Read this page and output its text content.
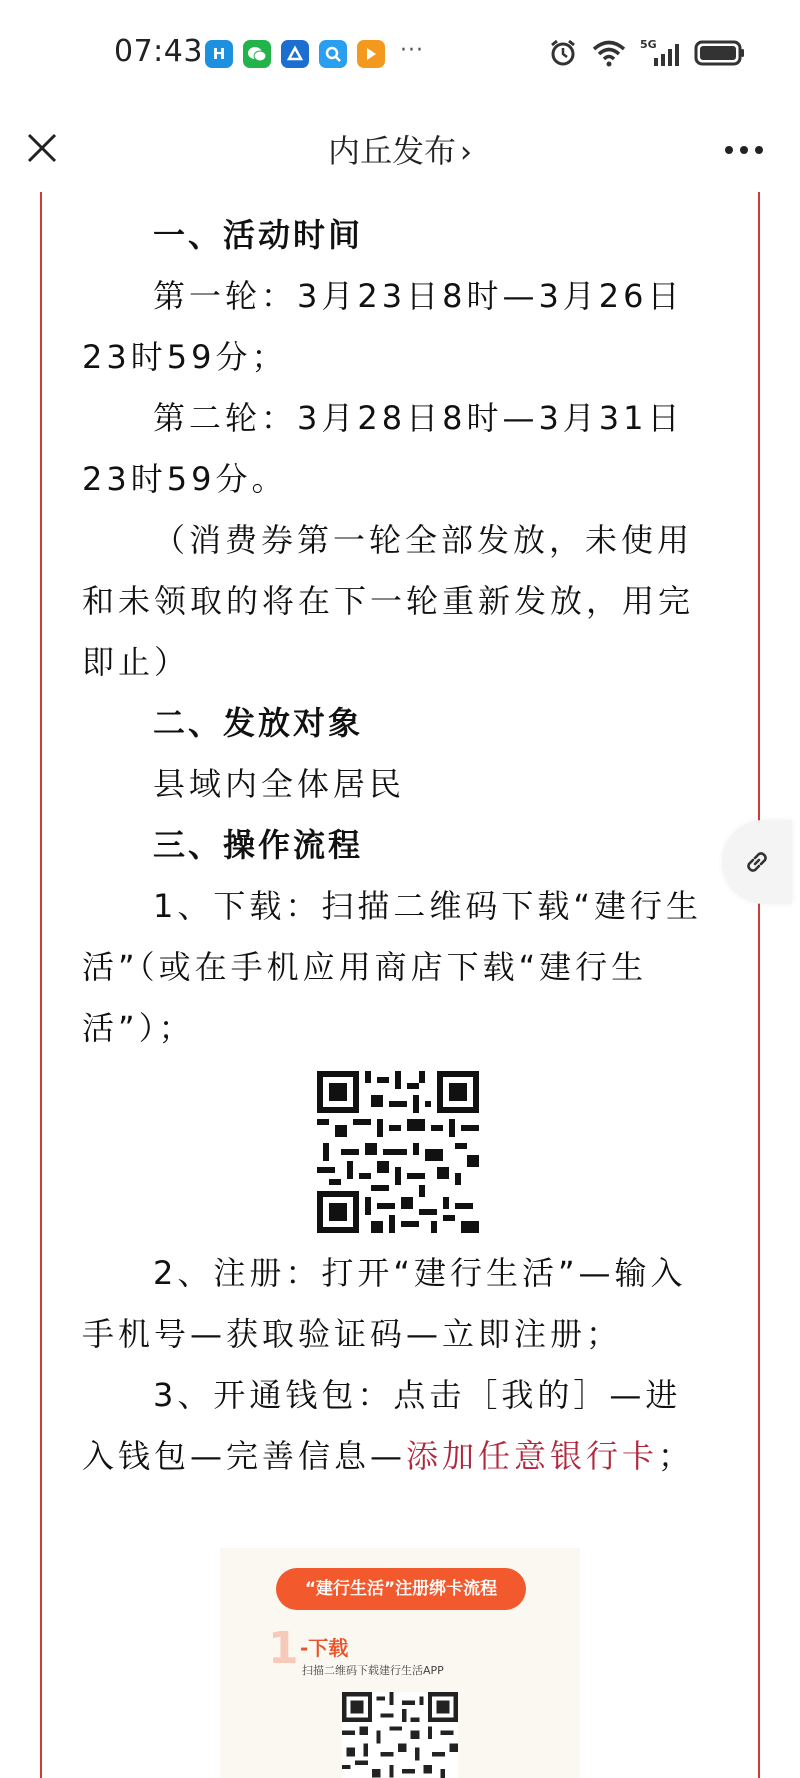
07:43 H	···	5G
内丘发布 ›

一、活动时间

第一轮：3月23日8时—3月26日23时59分；

第二轮：3月28日8时—3月31日23时59分。

（消费券第一轮全部发放，未使用和未领取的将在下一轮重新发放，用完即止）

二、发放对象

县域内全体居民

三、操作流程

1、下载：扫描二维码下载“建行生活”（或在手机应用商店下载“建行生活”）；

2、注册：打开“建行生活”—输入手机号—获取验证码—立即注册；

3、开通钱包：点击［我的］—进入钱包—完善信息—添加任意银行卡；

“建行生活”注册绑卡流程
1 -下载
扫描二维码下载建行生活APP
